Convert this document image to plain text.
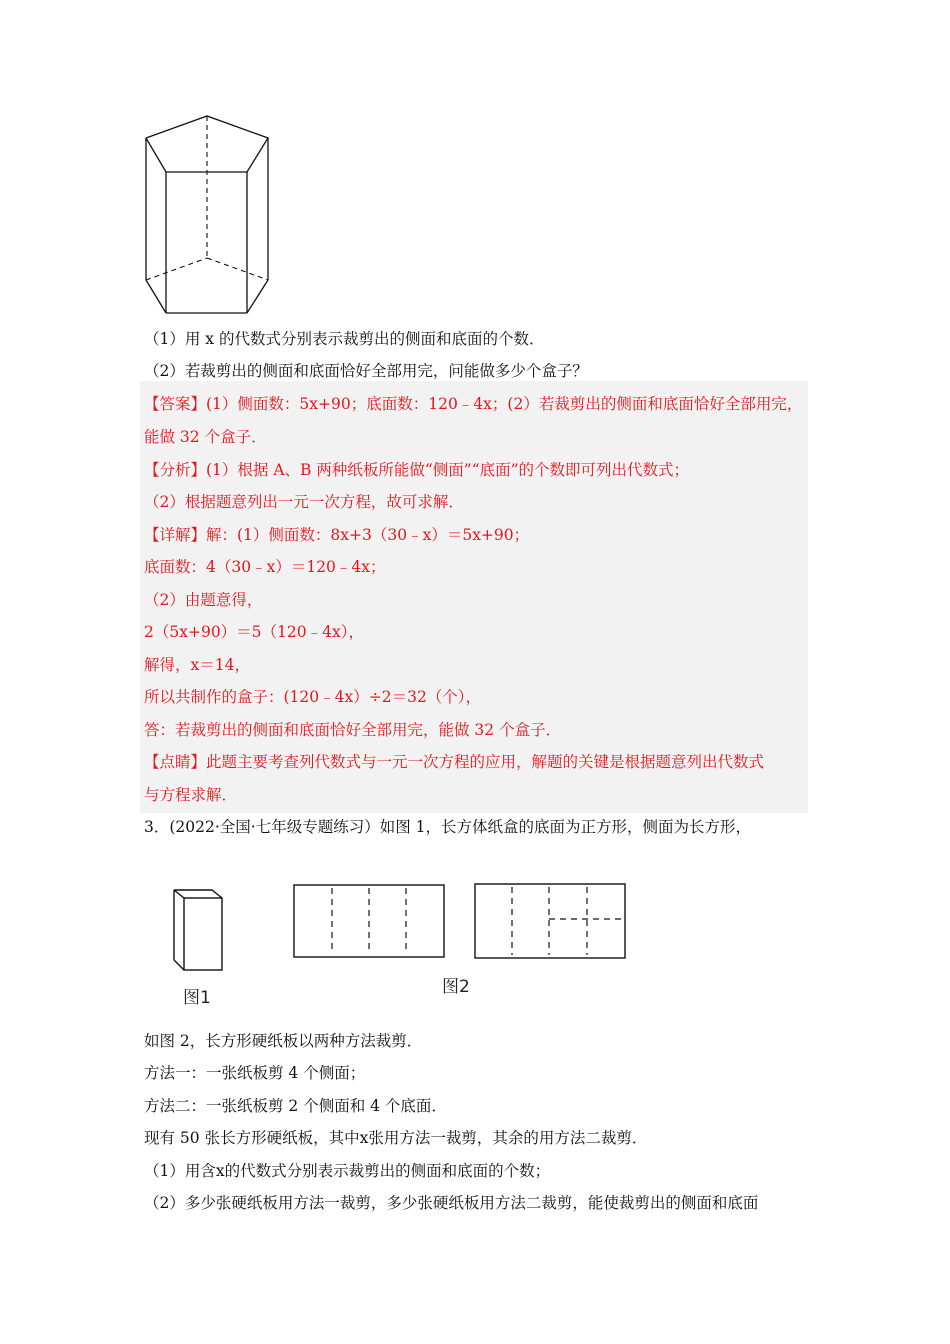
（1）用 x 的代数式分别表示裁剪出的侧面和底面的个数．
（2）若裁剪出的侧面和底面恰好全部用完，问能做多少个盒子？
【答案】(1）侧面数：5x+90；底面数：120﹣4x；(2）若裁剪出的侧面和底面恰好全部用完，
能做 32 个盒子．
【分析】(1）根据 A、B 两种纸板所能做“侧面”“底面”的个数即可列出代数式；
（2）根据题意列出一元一次方程，故可求解．
【详解】解：(1）侧面数：8x+3（30﹣x）＝5x+90；
底面数：4（30﹣x）＝120﹣4x；
（2）由题意得，
2（5x+90）＝5（120﹣4x），
解得，x＝14，
所以共制作的盒子：(120﹣4x）÷2＝32（个），
答：若裁剪出的侧面和底面恰好全部用完，能做 32 个盒子．
【点睛】此题主要考查列代数式与一元一次方程的应用，解题的关键是根据题意列出代数式
与方程求解．
3．(2022·全国·七年级专题练习）如图 1，长方体纸盒的底面为正方形，侧面为长方形，
图1
图2
如图 2，长方形硬纸板以两种方法裁剪．
方法一：一张纸板剪 4 个侧面；
方法二：一张纸板剪 2 个侧面和 4 个底面．
现有 50 张长方形硬纸板，其中x张用方法一裁剪，其余的用方法二裁剪．
（1）用含x的代数式分别表示裁剪出的侧面和底面的个数；
（2）多少张硬纸板用方法一裁剪，多少张硬纸板用方法二裁剪，能使裁剪出的侧面和底面
